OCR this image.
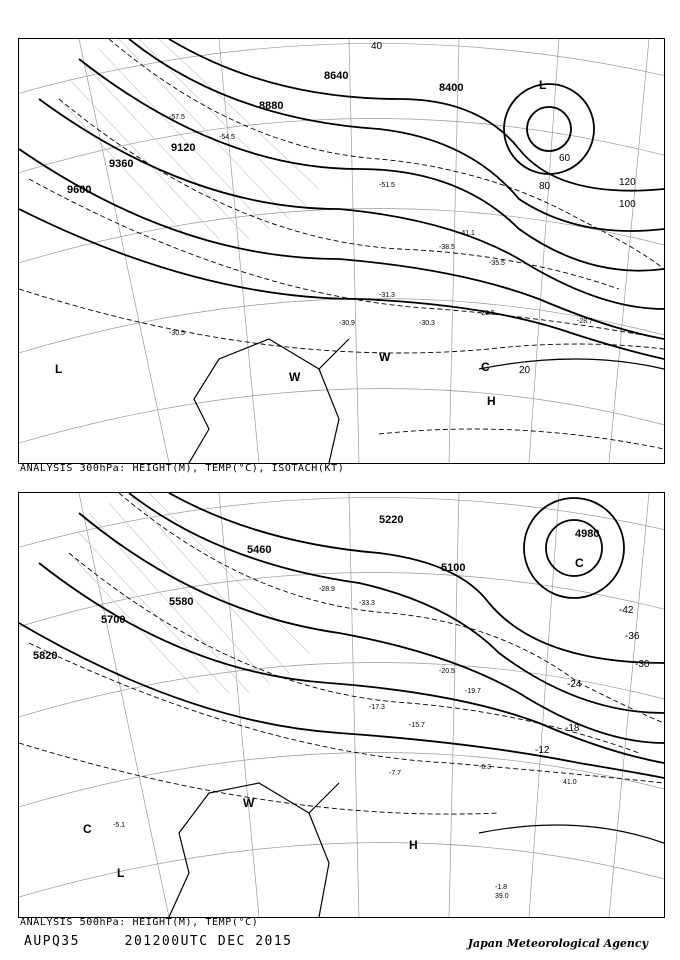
8640
8400
8880
9120
9360
9600
40
60
80
100
120
20
-51.5
-54.5
-57.5
-41.1
-38.5
-35.5
-31.3
-30.9	-30.3
-29.5
-28.7
-30.5
H
L
L
W
W
C
ANALYSIS 300hPa: HEIGHT(M), TEMP(°C), ISOTACH(KT)
5100
5220
5460
5580
5700
5820
4980
-42
-36
-30
-24
-18
-12
-28.9
-33.3
-20.5
-19.7
-17.3
-15.7
-7.7
-6.3
-5.1
-1.8
39.0
41.0
H
L
W
C
C
ANALYSIS 500hPa: HEIGHT(M), TEMP(°C)
AUPQ35	201200UTC DEC 2015	Japan Meteorological Agency
